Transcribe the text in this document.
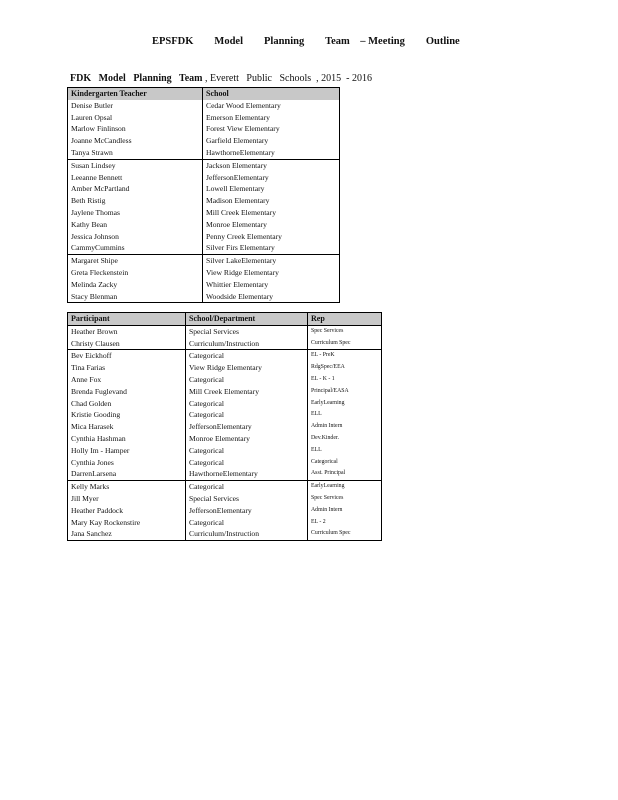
EPSFDK        Model        Planning        Team    – Meeting        Outline
FDK   Model   Planning   Team , Everett   Public   Schools  , 2015  - 2016
Kindergarten Teacher	School
Denise Butler	Cedar Wood Elementary
Lauren Opsal	Emerson Elementary
Marlow Finlinson	Forest View Elementary
Joanne McCandless	Garfield Elementary
Tanya Strawn	HawthorneElementary
Susan Lindsey	Jackson Elementary
Leeanne Bennett	JeffersonElementary
Amber McPartland	Lowell Elementary
Beth Ristig	Madison Elementary
Jaylene Thomas	Mill Creek Elementary
Kathy Bean	Monroe Elementary
Jessica Johnson	Penny Creek Elementary
CammyCummins	Silver Firs Elementary
Margaret Shipe	Silver LakeElementary
Greta Fleckenstein	View Ridge Elementary
Melinda Zacky	Whittier Elementary
Stacy Blenman	Woodside Elementary
Participant	School/Department	Rep
Heather Brown	Special Services	Spec Services
Christy Clausen	Curriculum/Instruction	Curriculum Spec
Bev Eickhoff	Categorical	EL - PreK
Tina Farias	View Ridge Elementary	RdgSpec/EEA
Anne Fox	Categorical	EL - K - 1
Brenda Fuglevand	Mill Creek Elementary	Principal/EASA
Chad Golden	Categorical	EarlyLearning
Kristie Gooding	Categorical	ELL
Mica Harasek	JeffersonElementary	Admin Intern
Cynthia Hashman	Monroe Elementary	Dev.Kinder.
Holly Im - Hamper	Categorical	ELL
Cynthia Jones	Categorical	Categorical
DarrenLarsena	HawthorneElementary	Asst. Principal
Kelly Marks	Categorical	EarlyLearning
Jill Myer	Special Services	Spec Services
Heather Paddock	JeffersonElementary	Admin Intern
Mary Kay Rockenstire	Categorical	EL - 2
Jana Sanchez	Curriculum/Instruction	Curriculum Spec
